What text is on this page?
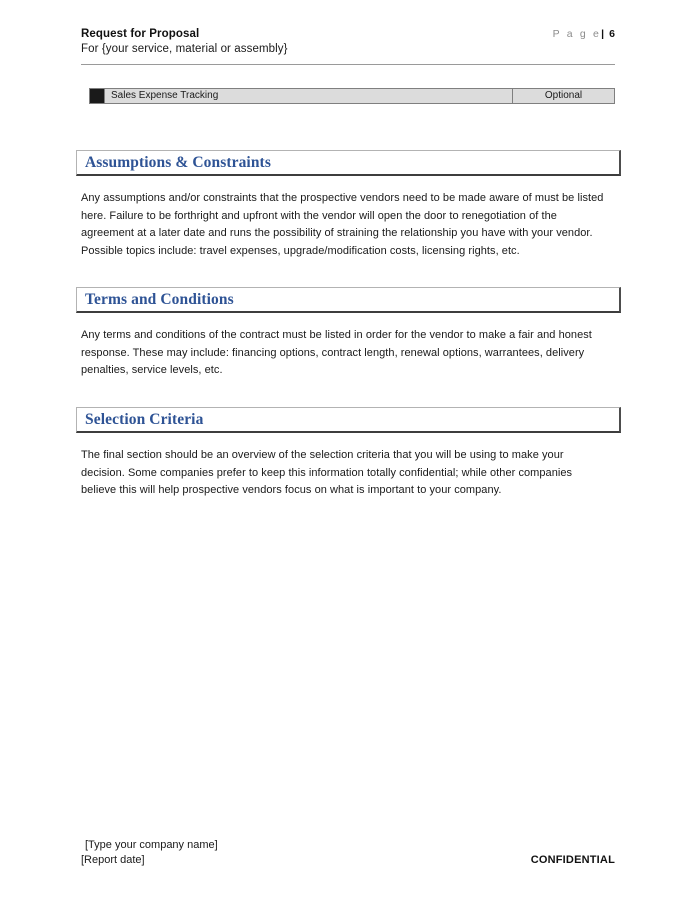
Request for Proposal	P a g e| 6
For {your service, material or assembly}
Sales Expense Tracking	Optional
Assumptions & Constraints
Any assumptions and/or constraints that the prospective vendors need to be made aware of must be listed here. Failure to be forthright and upfront with the vendor will open the door to renegotiation of the agreement at a later date and runs the possibility of straining the relationship you have with your vendor. Possible topics include: travel expenses, upgrade/modification costs, licensing rights, etc.
Terms and Conditions
Any terms and conditions of the contract must be listed in order for the vendor to make a fair and honest response. These may include: financing options, contract length, renewal options, warrantees, delivery penalties, service levels, etc.
Selection Criteria
The final section should be an overview of the selection criteria that you will be using to make your decision. Some companies prefer to keep this information totally confidential; while other companies believe this will help prospective vendors focus on what is important to your company.
[Type your company name]
[Report date]	CONFIDENTIAL
